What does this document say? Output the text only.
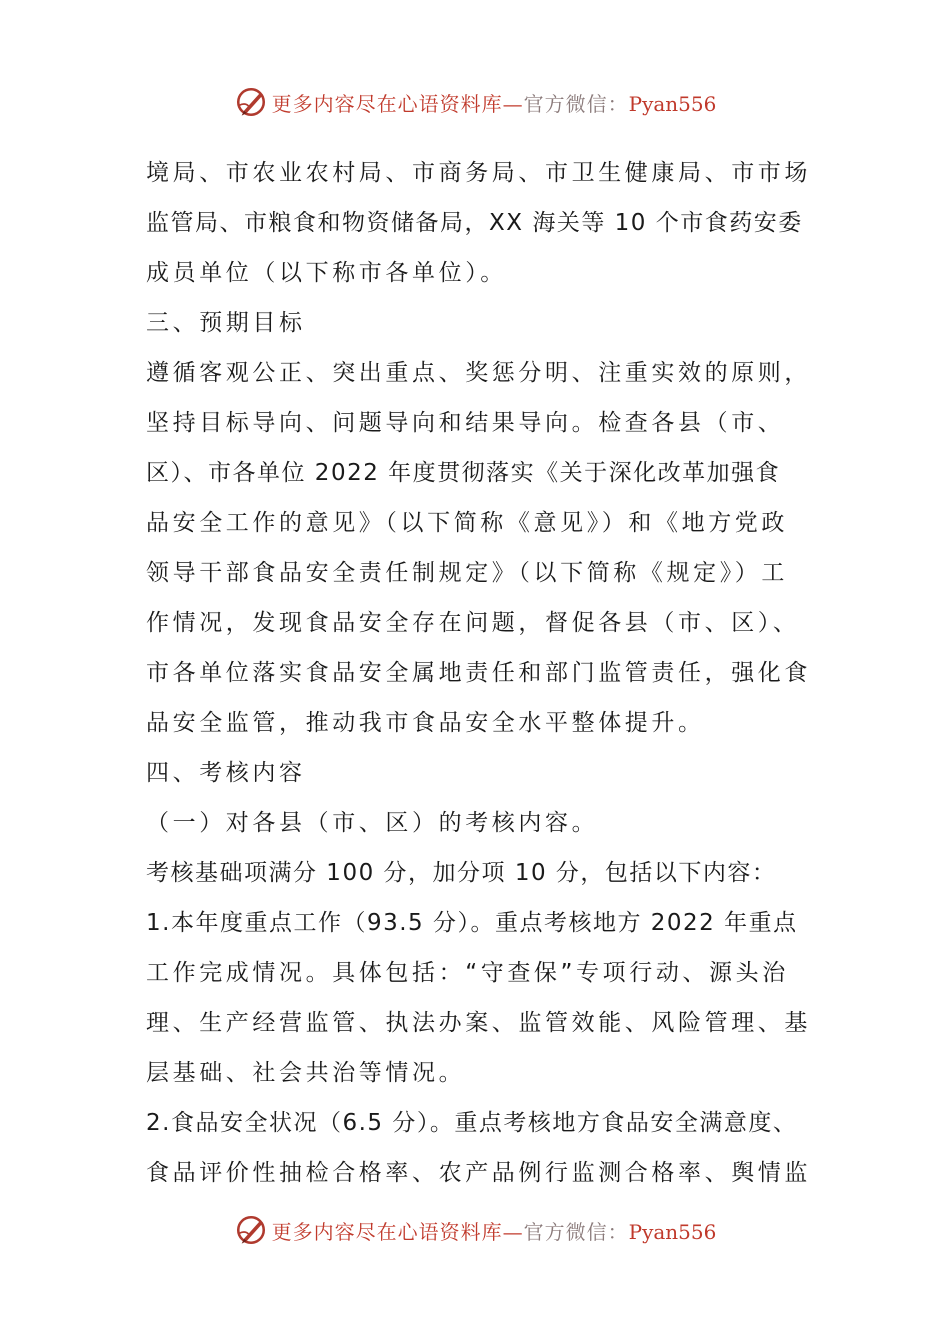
更多内容尽在心语资料库—官方微信：Pyan556
境局、市农业农村局、市商务局、市卫生健康局、市市场
监管局、市粮食和物资储备局，XX 海关等 10 个市食药安委
成员单位（以下称市各单位）。
三、预期目标
遵循客观公正、突出重点、奖惩分明、注重实效的原则，
坚持目标导向、问题导向和结果导向。检查各县（市、
区）、市各单位 2022 年度贯彻落实《关于深化改革加强食
品安全工作的意见》（以下简称《意见》）和《地方党政
领导干部食品安全责任制规定》（以下简称《规定》）工
作情况，发现食品安全存在问题，督促各县（市、区）、
市各单位落实食品安全属地责任和部门监管责任，强化食
品安全监管，推动我市食品安全水平整体提升。
四、考核内容
（一）对各县（市、区）的考核内容。
考核基础项满分 100 分，加分项 10 分，包括以下内容：
1.本年度重点工作（93.5 分）。重点考核地方 2022 年重点
工作完成情况。具体包括：“守查保”专项行动、源头治
理、生产经营监管、执法办案、监管效能、风险管理、基
层基础、社会共治等情况。
2.食品安全状况（6.5 分）。重点考核地方食品安全满意度、
食品评价性抽检合格率、农产品例行监测合格率、舆情监
更多内容尽在心语资料库—官方微信：Pyan556
